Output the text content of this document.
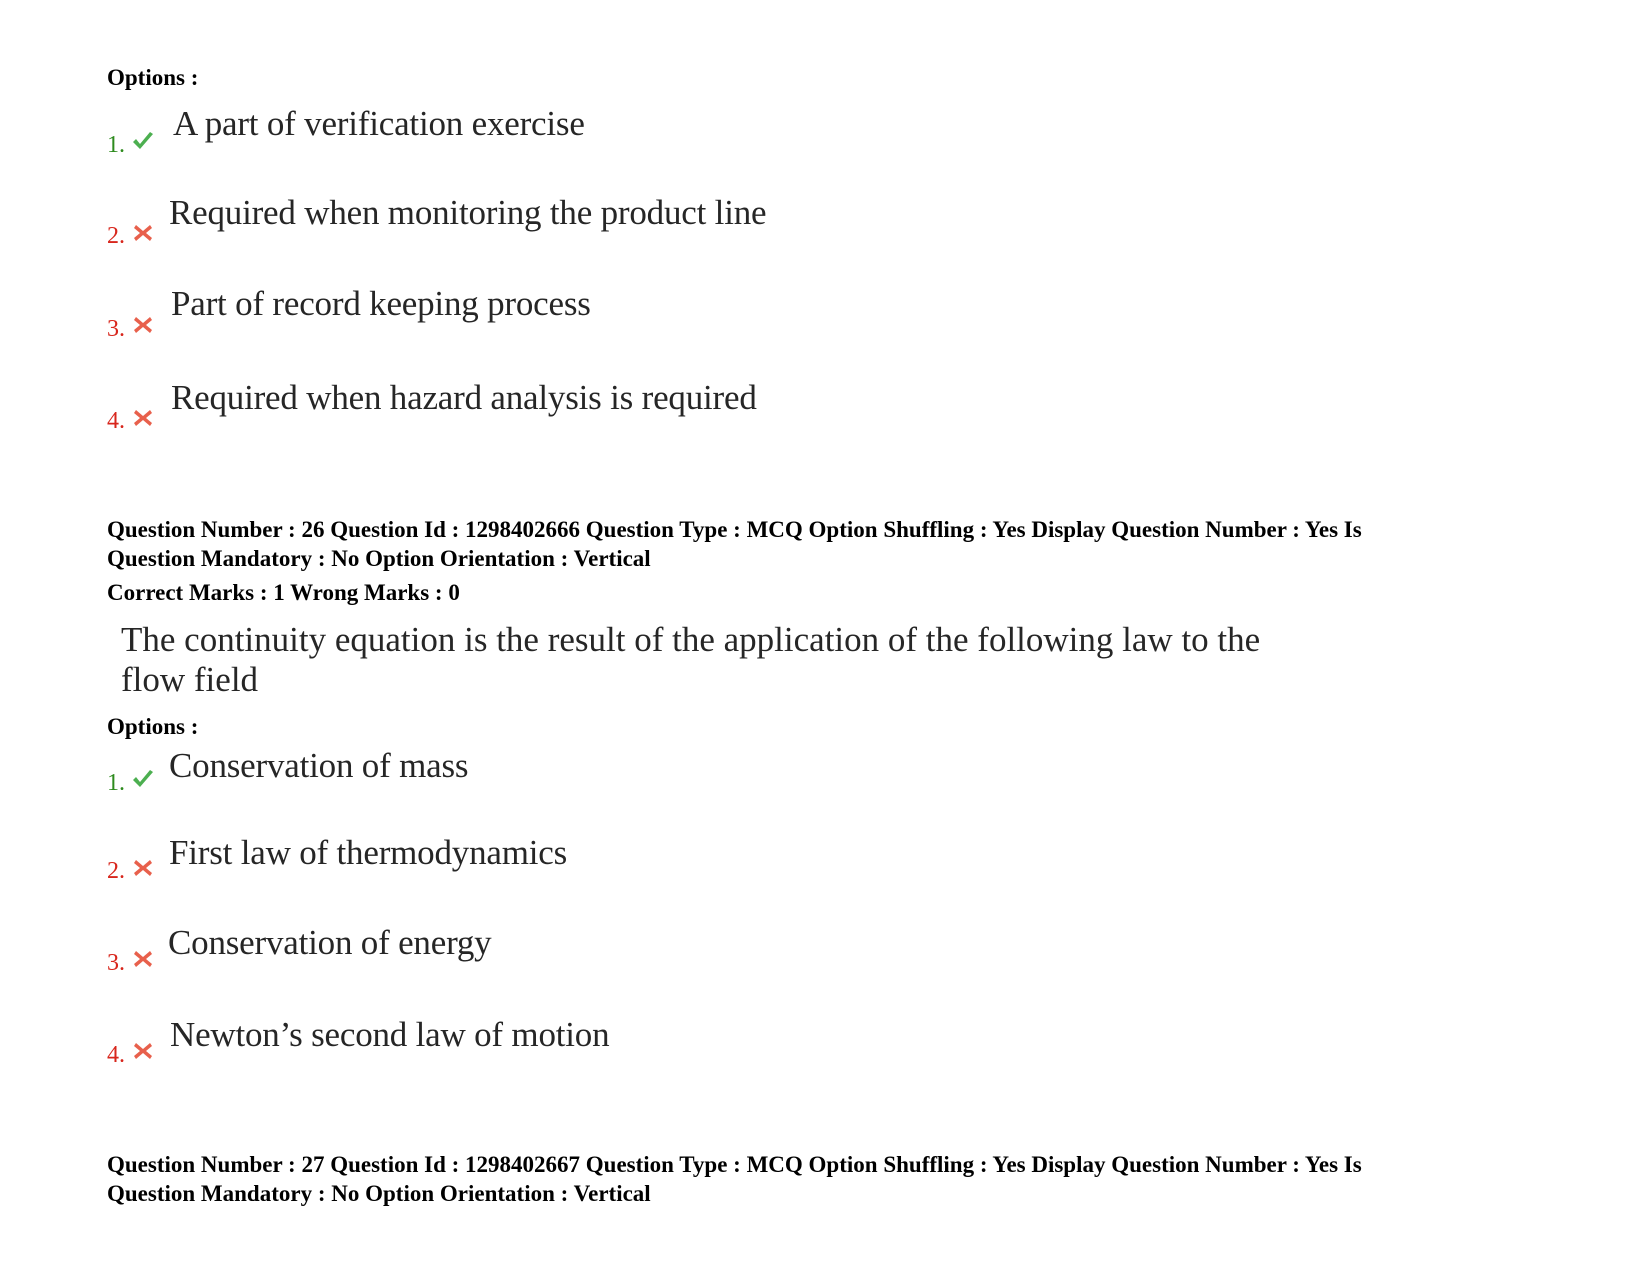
Options :
1.
A part of verification exercise
2.
Required when monitoring the product line
3.
Part of record keeping process
4.
Required when hazard analysis is required
Question Number : 26 Question Id : 1298402666 Question Type : MCQ Option Shuffling : Yes Display Question Number : Yes Is
Question Mandatory : No Option Orientation : Vertical
Correct Marks : 1 Wrong Marks : 0
The continuity equation is the result of the application of the following law to the
flow field
Options :
1. Conservation of mass
2. First law of thermodynamics
3.
Conservation of energy
4.
Newton’s second law of motion
Question Number : 27 Question Id : 1298402667 Question Type : MCQ Option Shuffling : Yes Display Question Number : Yes Is
Question Mandatory : No Option Orientation : Vertical
